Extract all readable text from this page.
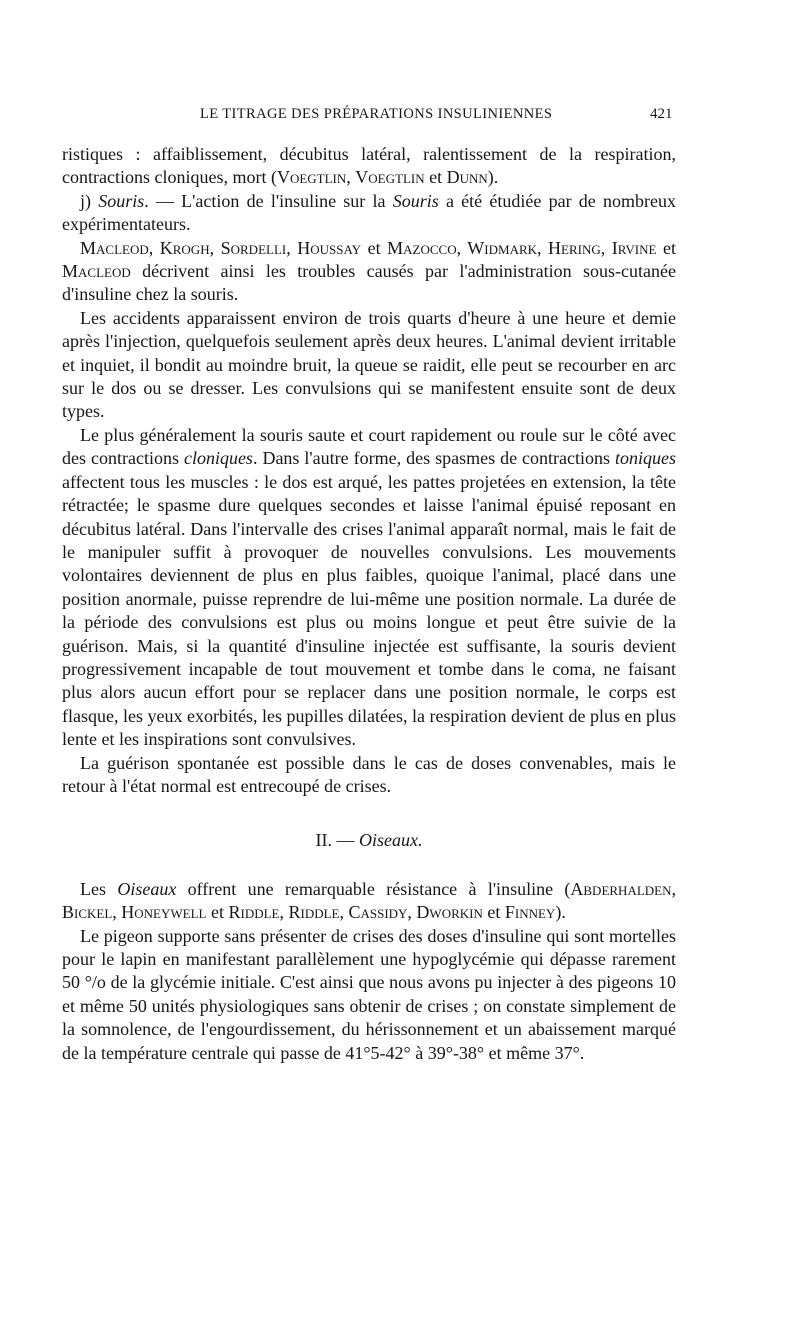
LE TITRAGE DES PRÉPARATIONS INSULINIENNES	421

ristiques : affaiblissement, décubitus latéral, ralentissement de la respiration, contractions cloniques, mort (Voegtlin, Voegtlin et Dunn).

j) Souris. — L'action de l'insuline sur la Souris a été étudiée par de nombreux expérimentateurs.

Macleod, Krogh, Sordelli, Houssay et Mazocco, Widmark, Hering, Irvine et Macleod décrivent ainsi les troubles causés par l'administration sous-cutanée d'insuline chez la souris.

Les accidents apparaissent environ de trois quarts d'heure à une heure et demie après l'injection, quelquefois seulement après deux heures. L'animal devient irritable et inquiet, il bondit au moindre bruit, la queue se raidit, elle peut se recourber en arc sur le dos ou se dresser. Les convulsions qui se manifestent ensuite sont de deux types.

Le plus généralement la souris saute et court rapidement ou roule sur le côté avec des contractions cloniques. Dans l'autre forme, des spasmes de contractions toniques affectent tous les muscles : le dos est arqué, les pattes projetées en extension, la tête rétractée; le spasme dure quelques secondes et laisse l'animal épuisé reposant en décubitus latéral. Dans l'intervalle des crises l'animal apparaît normal, mais le fait de le manipuler suffit à provoquer de nouvelles convulsions. Les mouvements volontaires deviennent de plus en plus faibles, quoique l'animal, placé dans une position anormale, puisse reprendre de lui-même une position normale. La durée de la période des convulsions est plus ou moins longue et peut être suivie de la guérison. Mais, si la quantité d'insuline injectée est suffisante, la souris devient progressivement incapable de tout mouvement et tombe dans le coma, ne faisant plus alors aucun effort pour se replacer dans une position normale, le corps est flasque, les yeux exorbités, les pupilles dilatées, la respiration devient de plus en plus lente et les inspirations sont convulsives.

La guérison spontanée est possible dans le cas de doses convenables, mais le retour à l'état normal est entrecoupé de crises.

II. — Oiseaux.

Les Oiseaux offrent une remarquable résistance à l'insuline (Abderhalden, Bickel, Honeywell et Riddle, Riddle, Cassidy, Dworkin et Finney).

Le pigeon supporte sans présenter de crises des doses d'insuline qui sont mortelles pour le lapin en manifestant parallèlement une hypoglycémie qui dépasse rarement 50 °/o de la glycémie initiale. C'est ainsi que nous avons pu injecter à des pigeons 10 et même 50 unités physiologiques sans obtenir de crises ; on constate simplement de la somnolence, de l'engourdissement, du hérissonnement et un abaissement marqué de la température centrale qui passe de 41°5-42° à 39°-38° et même 37°.
